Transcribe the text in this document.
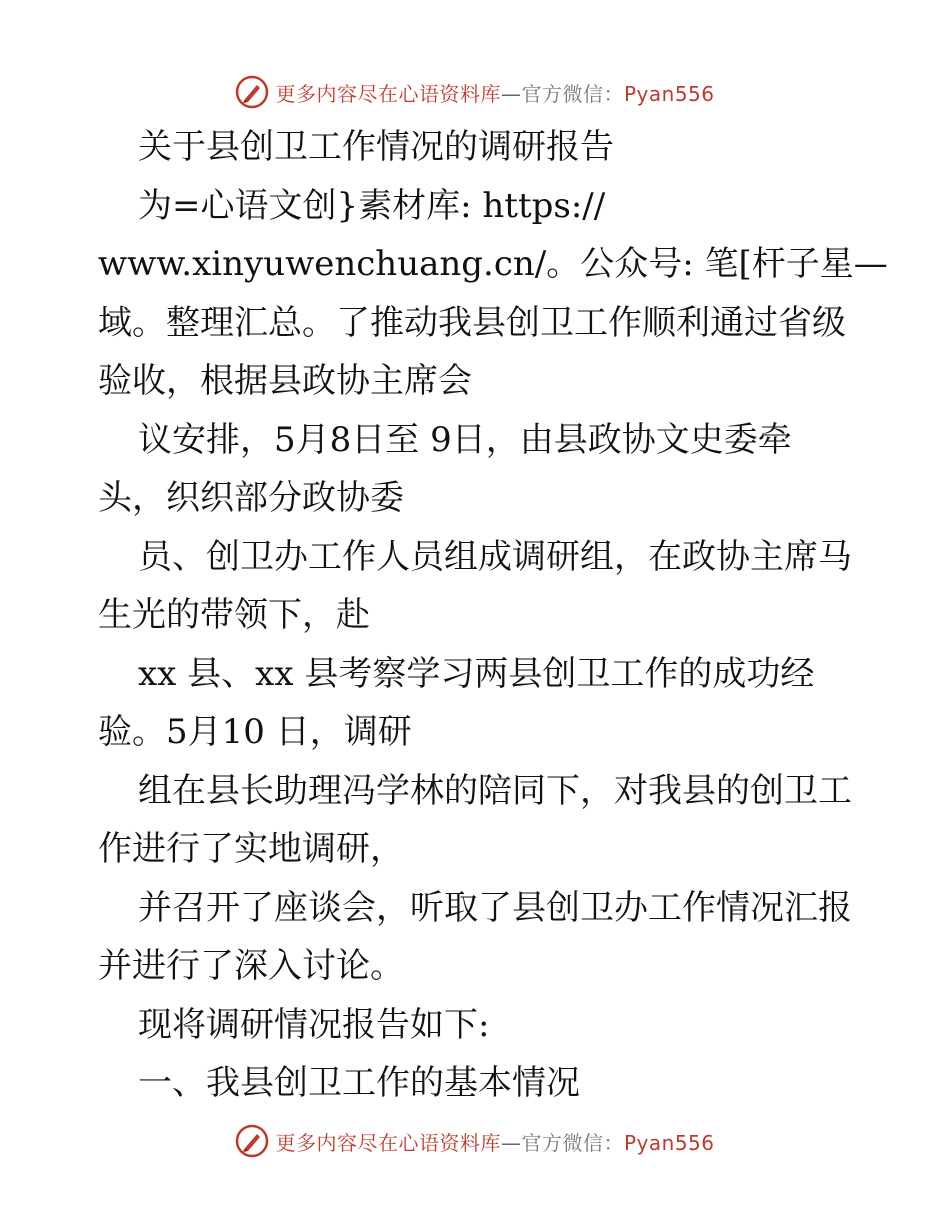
更多内容尽在心语资料库—官方微信：Pyan556

关于县创卫工作情况的调研报告

为=心语文创}素材库: https://

www.xinyuwenchuang.cn/。公众号: 笔[杆子星—

域。整理汇总。了推动我县创卫工作顺利通过省级

验收，根据县政协主席会

议安排，5月8日至 9日，由县政协文史委牵

头，织织部分政协委

员、创卫办工作人员组成调研组，在政协主席马

生光的带领下，赴

xx 县、xx 县考察学习两县创卫工作的成功经

验。5月10 日，调研

组在县长助理冯学林的陪同下，对我县的创卫工

作进行了实地调研，

并召开了座谈会，听取了县创卫办工作情况汇报

并进行了深入讨论。

现将调研情况报告如下:

一、我县创卫工作的基本情况

更多内容尽在心语资料库—官方微信：Pyan556
